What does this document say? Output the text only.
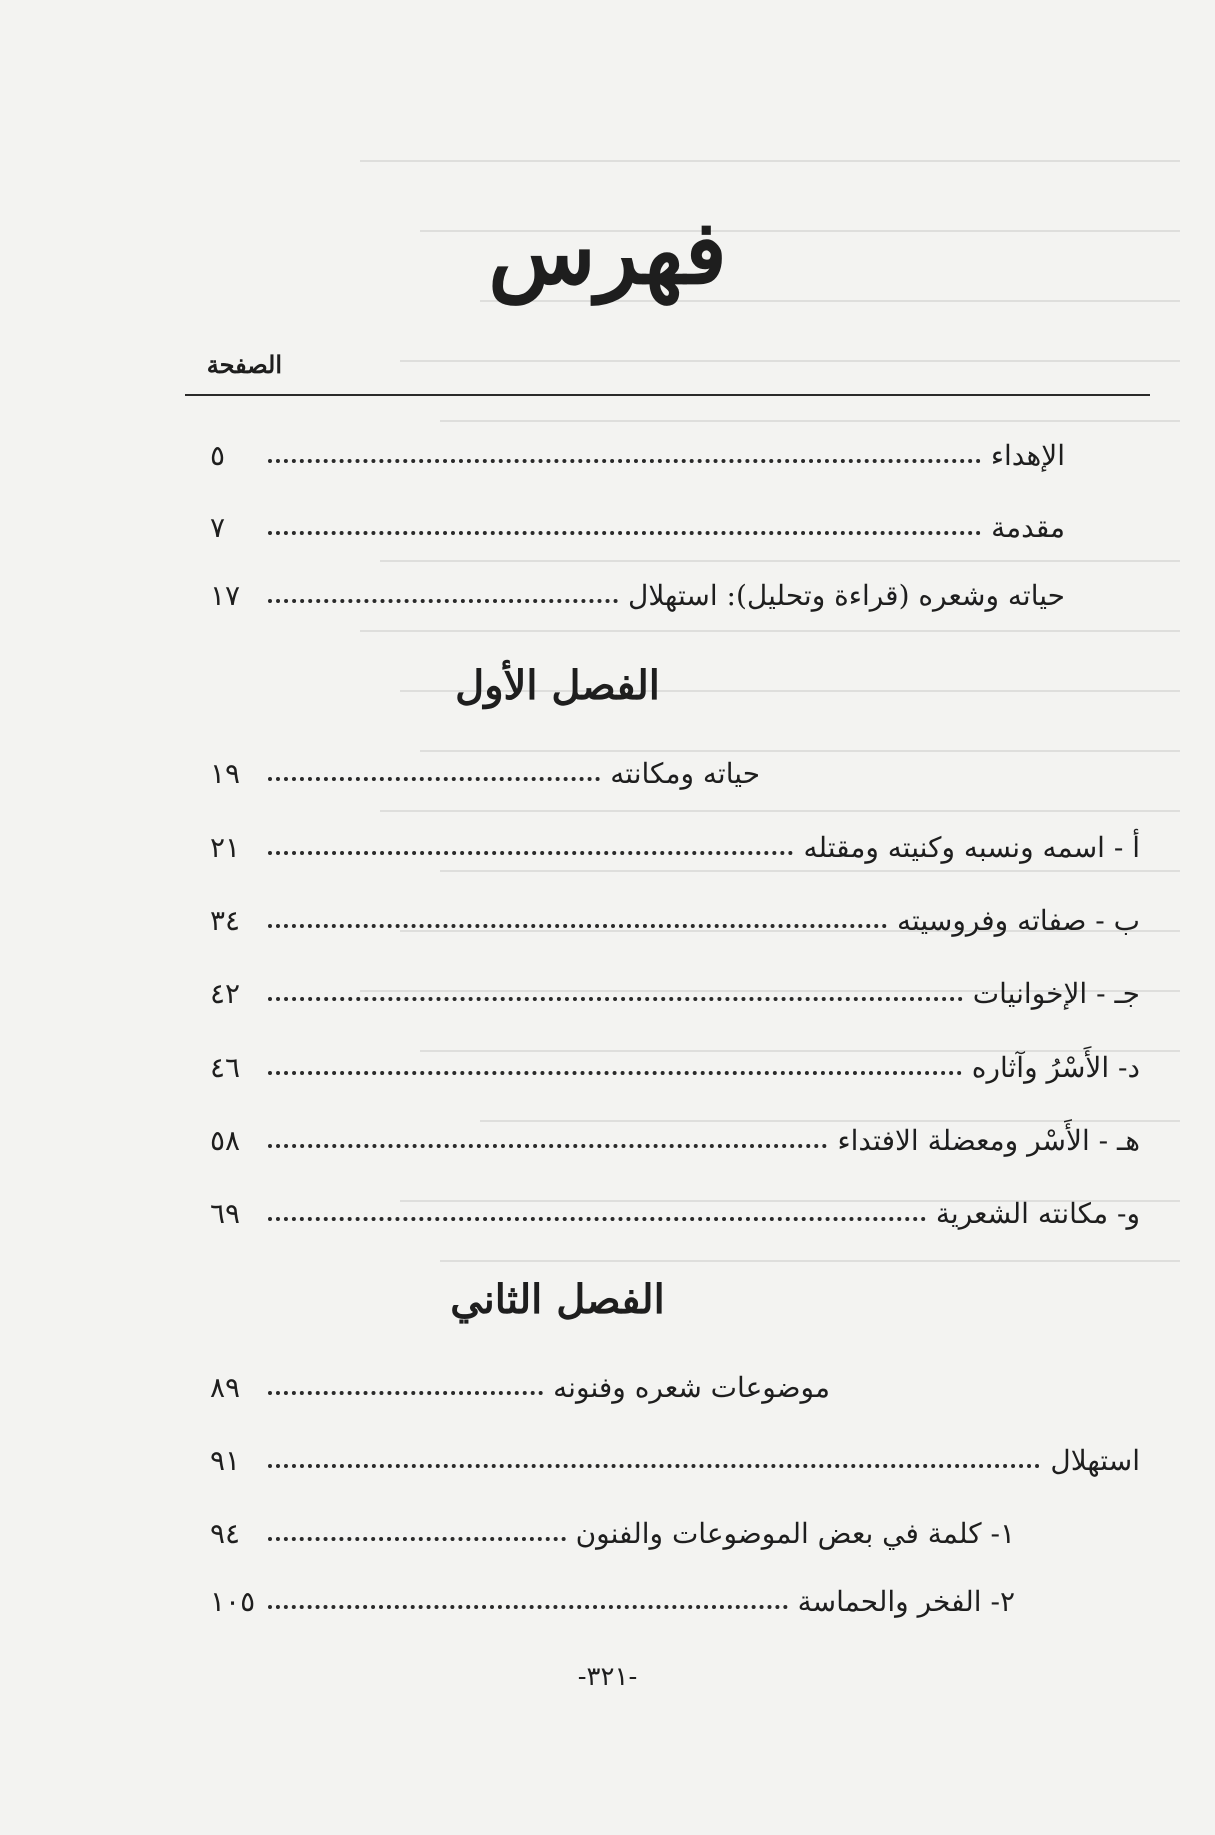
فهرس
الصفحة
الإهداء
٥
مقدمة
٧
حياته وشعره (قراءة وتحليل): استهلال
١٧
الفصل الأول
حياته ومكانته
١٩
أ - اسمه ونسبه وكنيته ومقتله
٢١
ب - صفاته وفروسيته
٣٤
جـ - الإخوانيات
٤٢
د- الأَسْرُ وآثاره
٤٦
هـ - الأَسْر ومعضلة الافتداء
٥٨
و- مكانته الشعرية
٦٩
الفصل الثاني
موضوعات شعره وفنونه
٨٩
استهلال
٩١
١- كلمة في بعض الموضوعات والفنون
٩٤
٢- الفخر والحماسة
١٠٥
-٣٢١-
